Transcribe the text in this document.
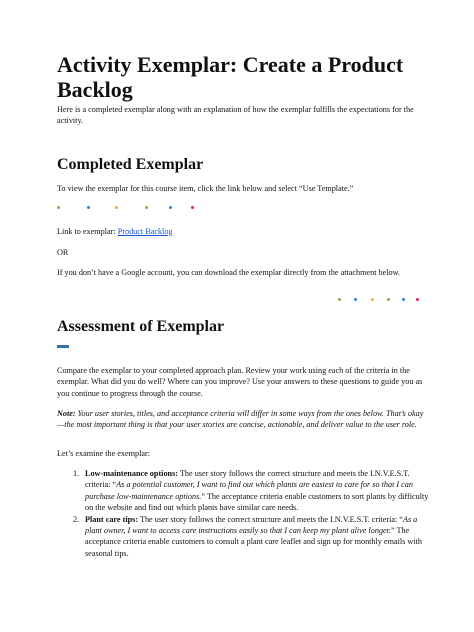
Activity Exemplar: Create a Product Backlog

Here is a completed exemplar along with an explanation of how the exemplar fulfills the expectations for the activity.

Completed Exemplar

To view the exemplar for this course item, click the link below and select “Use Template.”

Link to exemplar: Product Backlog

OR

If you don’t have a Google account, you can download the exemplar directly from the attachment below.

Assessment of Exemplar

Compare the exemplar to your completed approach plan. Review your work using each of the criteria in the exemplar. What did you do well? Where can you improve? Use your answers to these questions to guide you as you continue to progress through the course.

Note: Your user stories, titles, and acceptance criteria will differ in some ways from the ones below. That’s okay—the most important thing is that your user stories are concise, actionable, and deliver value to the user role.

Let’s examine the exemplar:

1. Low-maintenance options: The user story follows the correct structure and meets the I.N.V.E.S.T. criteria: “As a potential customer, I want to find out which plants are easiest to care for so that I can purchase low-maintenance options.” The acceptance criteria enable customers to sort plants by difficulty on the website and find out which plants have similar care needs.
2. Plant care tips: The user story follows the correct structure and meets the I.N.V.E.S.T. criteria: “As a plant owner, I want to access care instructions easily so that I can keep my plant alive longer.” The acceptance criteria enable customers to consult a plant care leaflet and sign up for monthly emails with seasonal tips.
